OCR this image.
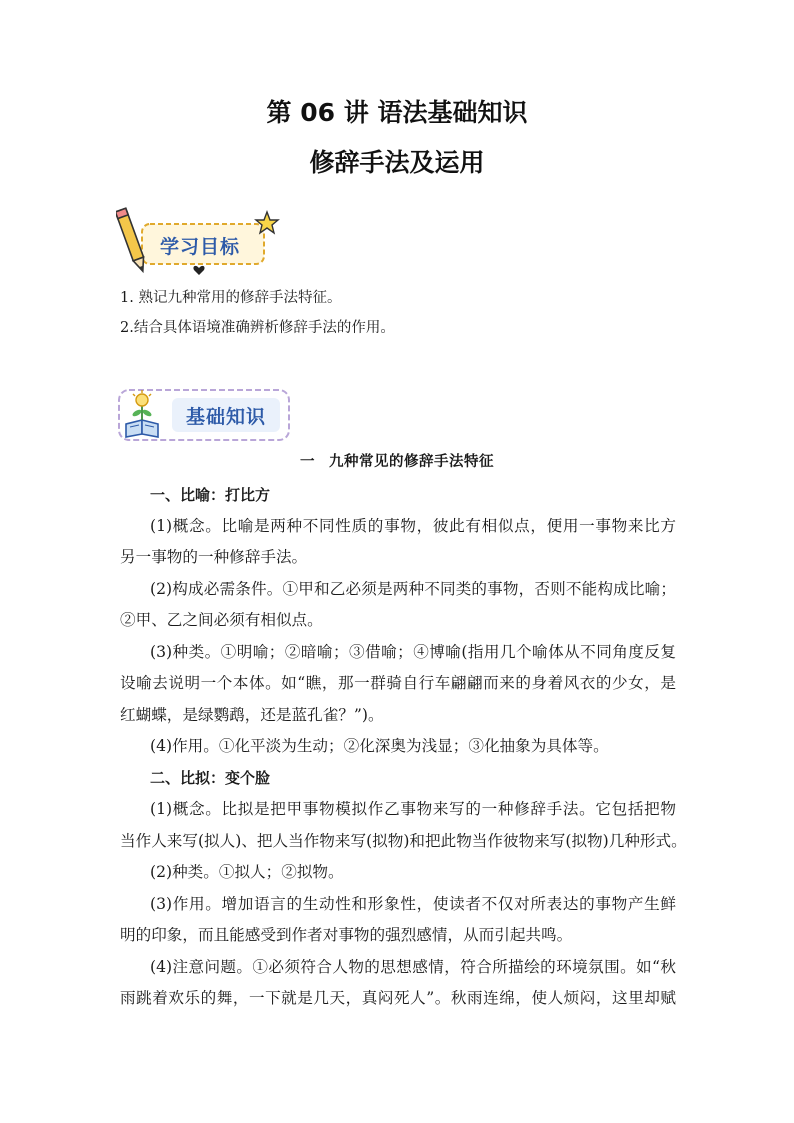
第 06 讲 语法基础知识
修辞手法及运用
学习目标

1. 熟记九种常用的修辞手法特征。

2.结合具体语境准确辨析修辞手法的作用。

基础知识
一 九种常见的修辞手法特征
一、比喻：打比方
(1)概念。比喻是两种不同性质的事物，彼此有相似点，便用一事物来比方
另一事物的一种修辞手法。
(2)构成必需条件。①甲和乙必须是两种不同类的事物，否则不能构成比喻；
②甲、乙之间必须有相似点。
(3)种类。①明喻；②暗喻；③借喻；④博喻(指用几个喻体从不同角度反复
设喻去说明一个本体。如“瞧，那一群骑自行车翩翩而来的身着风衣的少女，是
红蝴蝶，是绿鹦鹉，还是蓝孔雀？”)。
(4)作用。①化平淡为生动；②化深奥为浅显；③化抽象为具体等。
二、比拟：变个脸
(1)概念。比拟是把甲事物模拟作乙事物来写的一种修辞手法。它包括把物
当作人来写(拟人)、把人当作物来写(拟物)和把此物当作彼物来写(拟物)几种形式。
(2)种类。①拟人；②拟物。
(3)作用。增加语言的生动性和形象性，使读者不仅对所表达的事物产生鲜
明的印象，而且能感受到作者对事物的强烈感情，从而引起共鸣。
(4)注意问题。①必须符合人物的思想感情，符合所描绘的环境氛围。如“秋
雨跳着欢乐的舞，一下就是几天，真闷死人”。秋雨连绵，使人烦闷，这里却赋
